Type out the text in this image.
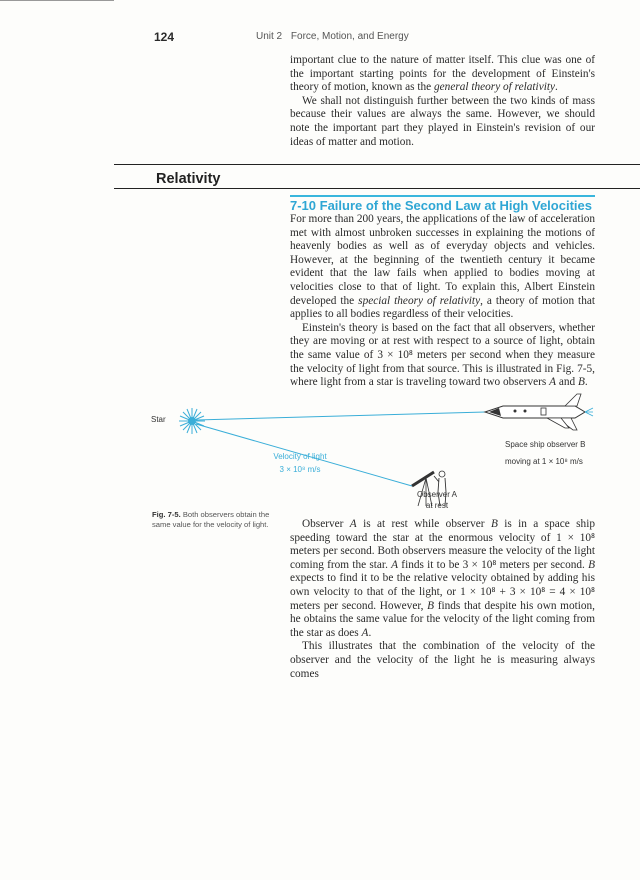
124	Unit 2 Force, Motion, and Energy

important clue to the nature of matter itself. This clue was one of the important starting points for the development of Einstein's theory of motion, known as the general theory of relativity.

We shall not distinguish further between the two kinds of mass because their values are always the same. However, we should note the important part they played in Einstein's revision of our ideas of matter and motion.

Relativity
7-10 Failure of the Second Law at High Velocities

For more than 200 years, the applications of the law of acceleration met with almost unbroken successes in explaining the motions of heavenly bodies as well as of everyday objects and vehicles. However, at the beginning of the twentieth century it became evident that the law fails when applied to bodies moving at velocities close to that of light. To explain this, Albert Einstein developed the special theory of relativity, a theory of motion that applies to all bodies regardless of their velocities.

Einstein's theory is based on the fact that all observers, whether they are moving or at rest with respect to a source of light, obtain the same value of 3 × 10⁸ meters per second when they measure the velocity of light from that source. This is illustrated in Fig. 7-5, where light from a star is traveling toward two observers A and B.

Star
Velocity of light
3 × 10⁸ m/s
Space ship observer B
moving at 1 × 10⁸ m/s
Observer A
at rest
Fig. 7-5. Both observers obtain the same value for the velocity of light.	Observer A is at rest while observer B is in a space ship speeding toward the star at the enormous velocity of 1 × 10⁸ meters per second. Both observers measure the velocity of the light coming from the star. A finds it to be 3 × 10⁸ meters per second. B expects to find it to be the relative velocity obtained by adding his own velocity to that of the light, or 1 × 10⁸ + 3 × 10⁸ = 4 × 10⁸ meters per second. However, B finds that despite his own motion, he obtains the same value for the velocity of the light coming from the star as does A.

This illustrates that the combination of the velocity of the observer and the velocity of the light he is measuring always comes
